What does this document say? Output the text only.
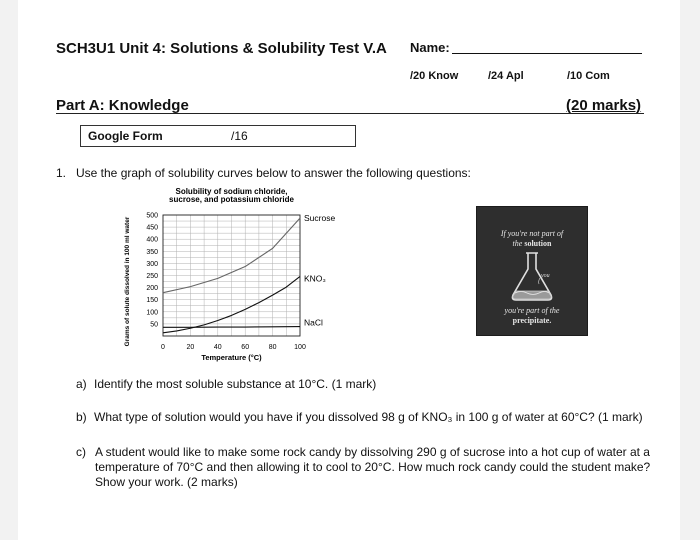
SCH3U1 Unit 4: Solutions & Solubility Test V.A Name:
/20 Know	/24 Apl	/10 Com
Part A: Knowledge	(20 marks)
Google Form	/16
1. Use the graph of solubility curves below to answer the following questions:
Solubility of sodium chloride,
sucrose, and potassium chloride
500
450
400
350
300
250
200
150
100
50
0	20	40	60	80	100
Temperature (°C)
Grams of solute dissolved in 100 ml water	Sucrose
KNO₃
NaCl
If you're not part of
the solution
you
you're part of the
precipitate.
a) Identify the most soluble substance at 10°C. (1 mark)
b) What type of solution would you have if you dissolved 98 g of KNO₃ in 100 g of water at 60°C? (1 mark)
c) A student would like to make some rock candy by dissolving 290 g of sucrose into a hot cup of water at a temperature of 70°C and then allowing it to cool to 20°C. How much rock candy could the student make? Show your work. (2 marks)
